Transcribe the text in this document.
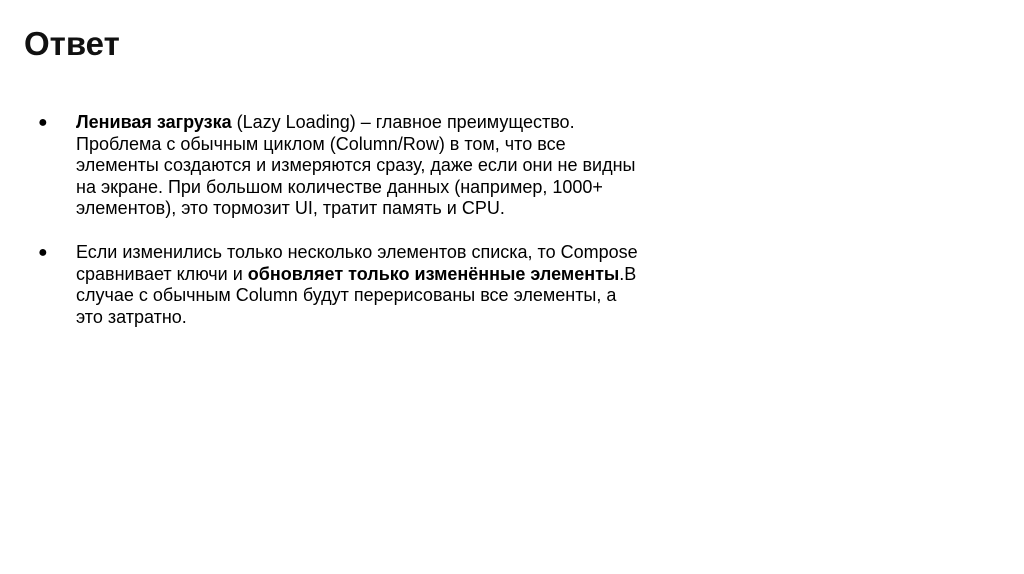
Ответ
● Ленивая загрузка (Lazy Loading) – главное преимущество. Проблема с обычным циклом (Column/Row) в том, что все элементы создаются и измеряются сразу, даже если они не видны на экране. При большом количестве данных (например, 1000+ элементов), это тормозит UI, тратит память и CPU.
● Если изменились только несколько элементов списка, то Compose сравнивает ключи и обновляет только изменённые элементы.В случае с обычным Column будут перерисованы все элементы, а это затратно.
